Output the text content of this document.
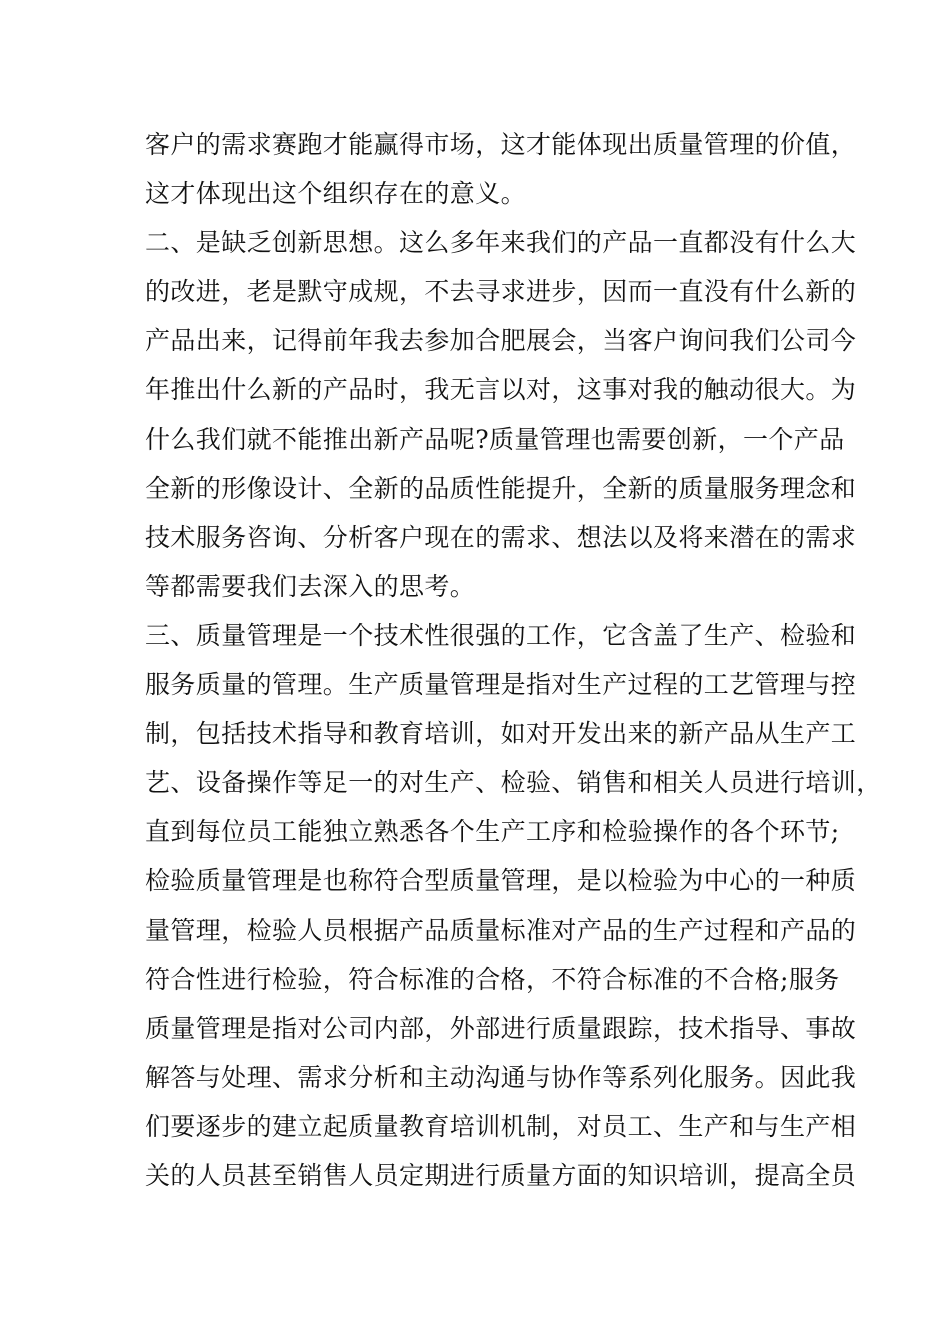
客户的需求赛跑才能赢得市场，这才能体现出质量管理的价值，
这才体现出这个组织存在的意义。
二、是缺乏创新思想。这么多年来我们的产品一直都没有什么大
的改进，老是默守成规，不去寻求进步，因而一直没有什么新的
产品出来，记得前年我去参加合肥展会，当客户询问我们公司今
年推出什么新的产品时，我无言以对，这事对我的触动很大。为
什么我们就不能推出新产品呢?质量管理也需要创新，一个产品
全新的形像设计、全新的品质性能提升，全新的质量服务理念和
技术服务咨询、分析客户现在的需求、想法以及将来潜在的需求
等都需要我们去深入的思考。
三、质量管理是一个技术性很强的工作，它含盖了生产、检验和
服务质量的管理。生产质量管理是指对生产过程的工艺管理与控
制，包括技术指导和教育培训，如对开发出来的新产品从生产工
艺、设备操作等足一的对生产、检验、销售和相关人员进行培训，
直到每位员工能独立熟悉各个生产工序和检验操作的各个环节;
检验质量管理是也称符合型质量管理，是以检验为中心的一种质
量管理，检验人员根据产品质量标准对产品的生产过程和产品的
符合性进行检验，符合标准的合格，不符合标准的不合格;服务
质量管理是指对公司内部，外部进行质量跟踪，技术指导、事故
解答与处理、需求分析和主动沟通与协作等系列化服务。因此我
们要逐步的建立起质量教育培训机制，对员工、生产和与生产相
关的人员甚至销售人员定期进行质量方面的知识培训，提高全员
